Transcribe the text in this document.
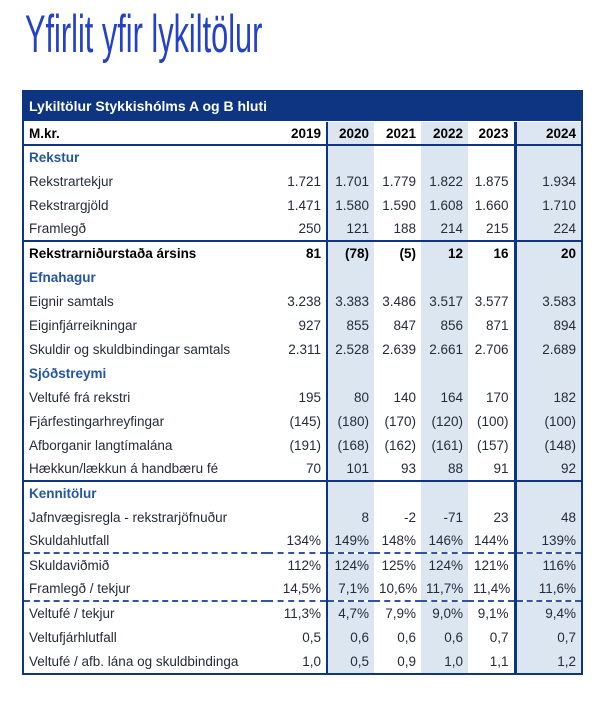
Yfirlit yfir lykiltölur
Lykiltölur Stykkishólms A og B hluti
M.kr.	2019	2020	2021	2022	2023	2024
Rekstur						
Rekstrartekjur	1.721	1.701	1.779	1.822	1.875	1.934
Rekstrargjöld	1.471	1.580	1.590	1.608	1.660	1.710
Framlegð	250	121	188	214	215	224
Rekstrarniðurstaða ársins	81	(78)	(5)	12	16	20
Efnahagur						
Eignir samtals	3.238	3.383	3.486	3.517	3.577	3.583
Eiginfjárreikningar	927	855	847	856	871	894
Skuldir og skuldbindingar samtals	2.311	2.528	2.639	2.661	2.706	2.689
Sjóðstreymi						
Veltufé frá rekstri	195	80	140	164	170	182
Fjárfestingarhreyfingar	(145)	(180)	(170)	(120)	(100)	(100)
Afborganir langtímalána	(191)	(168)	(162)	(161)	(157)	(148)
Hækkun/lækkun á handbæru fé	70	101	93	88	91	92
Kennitölur						
Jafnvægisregla - rekstrarjöfnuður		8	-2	-71	23	48
Skuldahlutfall	134%	149%	148%	146%	144%	139%
Skuldaviðmið	112%	124%	125%	124%	121%	116%
Framlegð / tekjur	14,5%	7,1%	10,6%	11,7%	11,4%	11,6%
Veltufé / tekjur	11,3%	4,7%	7,9%	9,0%	9,1%	9,4%
Veltufjárhlutfall	0,5	0,6	0,6	0,6	0,7	0,7
Veltufé / afb. lána og skuldbindinga	1,0	0,5	0,9	1,0	1,1	1,2
